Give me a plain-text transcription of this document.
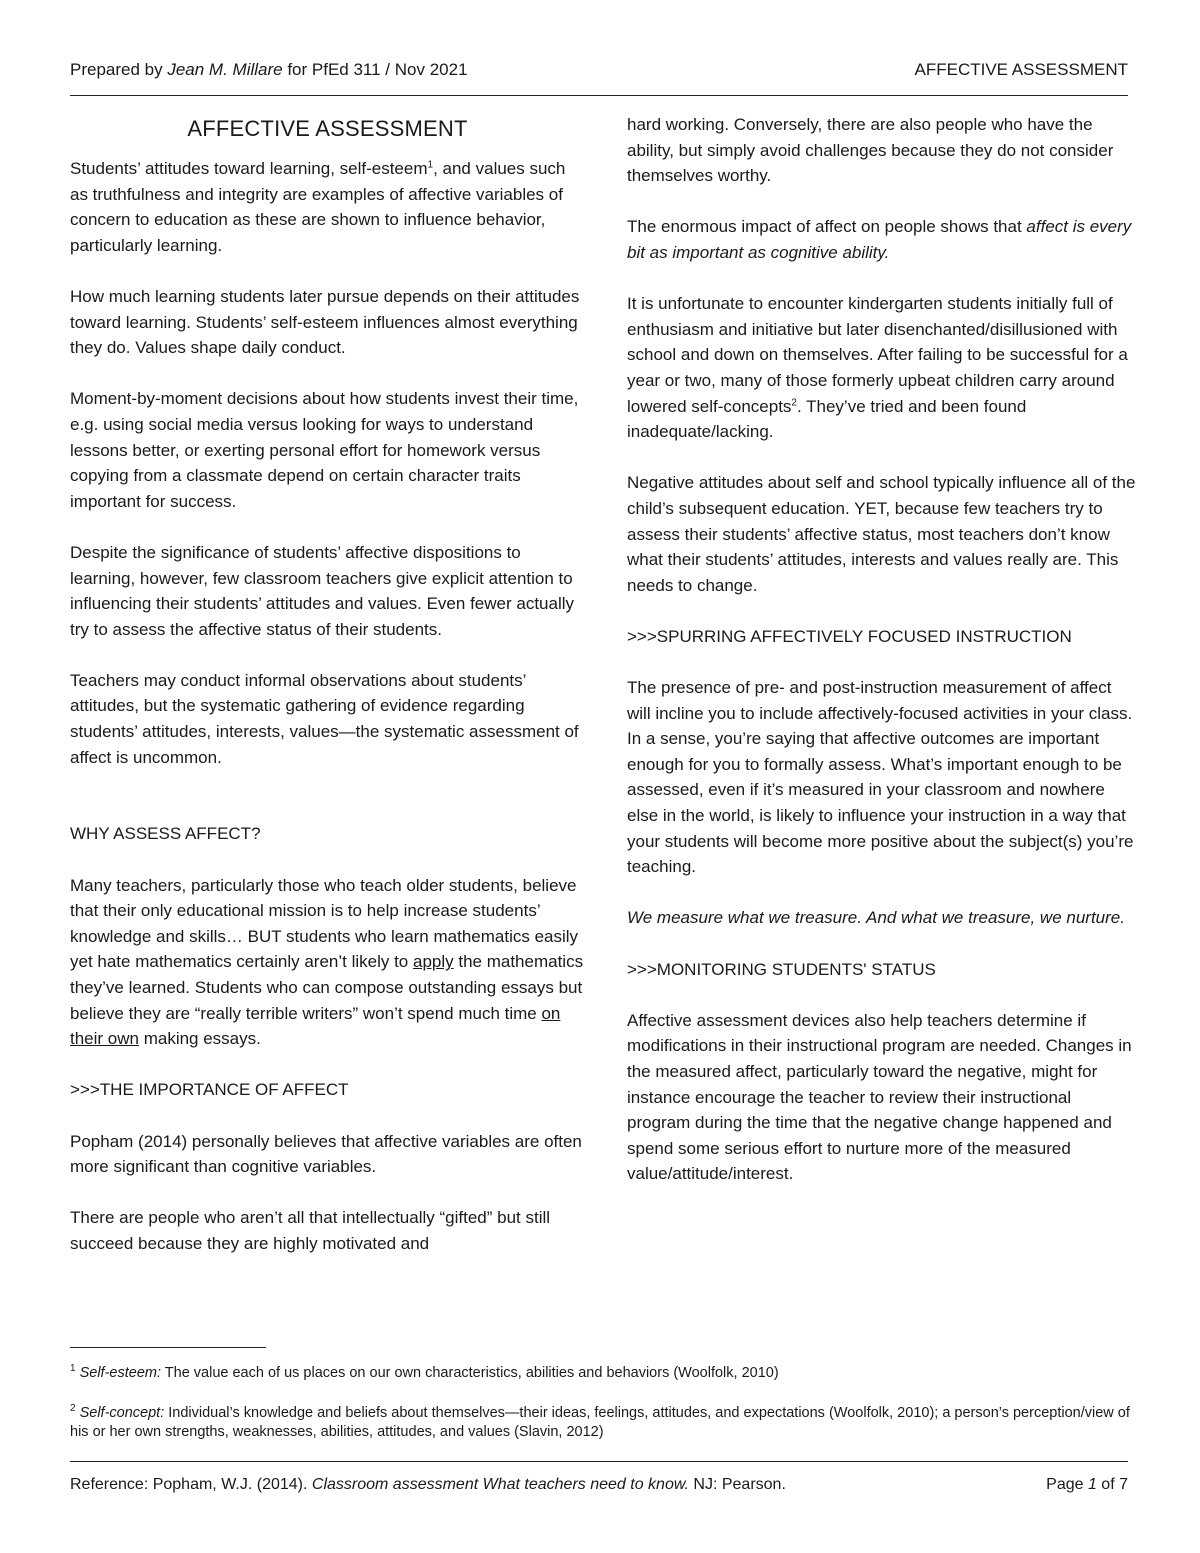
Prepared by Jean M. Millare for PfEd 311 / Nov 2021	AFFECTIVE ASSESSMENT
AFFECTIVE ASSESSMENT

Students’ attitudes toward learning, self-esteem$^1$, and values such as truthfulness and integrity are examples of affective variables of concern to education as these are shown to influence behavior, particularly learning.

How much learning students later pursue depends on their attitudes toward learning. Students’ self-esteem influences almost everything they do. Values shape daily conduct.

Moment-by-moment decisions about how students invest their time, e.g. using social media versus looking for ways to understand lessons better, or exerting personal effort for homework versus copying from a classmate depend on certain character traits important for success.

Despite the significance of students’ affective dispositions to learning, however, few classroom teachers give explicit attention to influencing their students’ attitudes and values. Even fewer actually try to assess the affective status of their students.

Teachers may conduct informal observations about students’ attitudes, but the systematic gathering of evidence regarding students’ attitudes, interests, values—the systematic assessment of affect is uncommon.

WHY ASSESS AFFECT?

Many teachers, particularly those who teach older students, believe that their only educational mission is to help increase students’ knowledge and skills… BUT students who learn mathematics easily yet hate mathematics certainly aren’t likely to apply the mathematics they’ve learned. Students who can compose outstanding essays but believe they are “really terrible writers” won’t spend much time on their own making essays.

>>>THE IMPORTANCE OF AFFECT

Popham (2014) personally believes that affective variables are often more significant than cognitive variables.

There are people who aren’t all that intellectually “gifted” but still succeed because they are highly motivated and

hard working. Conversely, there are also people who have the ability, but simply avoid challenges because they do not consider themselves worthy.

The enormous impact of affect on people shows that affect is every bit as important as cognitive ability.

It is unfortunate to encounter kindergarten students initially full of enthusiasm and initiative but later disenchanted/disillusioned with school and down on themselves. After failing to be successful for a year or two, many of those formerly upbeat children carry around lowered self-concepts$^2$. They’ve tried and been found inadequate/lacking.

Negative attitudes about self and school typically influence all of the child’s subsequent education. YET, because few teachers try to assess their students’ affective status, most teachers don’t know what their students’ attitudes, interests and values really are. This needs to change.

>>>SPURRING AFFECTIVELY FOCUSED INSTRUCTION

The presence of pre- and post-instruction measurement of affect will incline you to include affectively-focused activities in your class. In a sense, you’re saying that affective outcomes are important enough for you to formally assess. What’s important enough to be assessed, even if it’s measured in your classroom and nowhere else in the world, is likely to influence your instruction in a way that your students will become more positive about the subject(s) you’re teaching.

We measure what we treasure. And what we treasure, we nurture.

>>>MONITORING STUDENTS' STATUS

Affective assessment devices also help teachers determine if modifications in their instructional program are needed. Changes in the measured affect, particularly toward the negative, might for instance encourage the teacher to review their instructional program during the time that the negative change happened and spend some serious effort to nurture more of the measured value/attitude/interest.

$^1$ Self-esteem: The value each of us places on our own characteristics, abilities and behaviors (Woolfolk, 2010)
$^2$ Self-concept: Individual’s knowledge and beliefs about themselves—their ideas, feelings, attitudes, and expectations (Woolfolk, 2010); a person’s perception/view of his or her own strengths, weaknesses, abilities, attitudes, and values (Slavin, 2012)
Reference: Popham, W.J. (2014). Classroom assessment What teachers need to know. NJ: Pearson.	Page 1 of 7
